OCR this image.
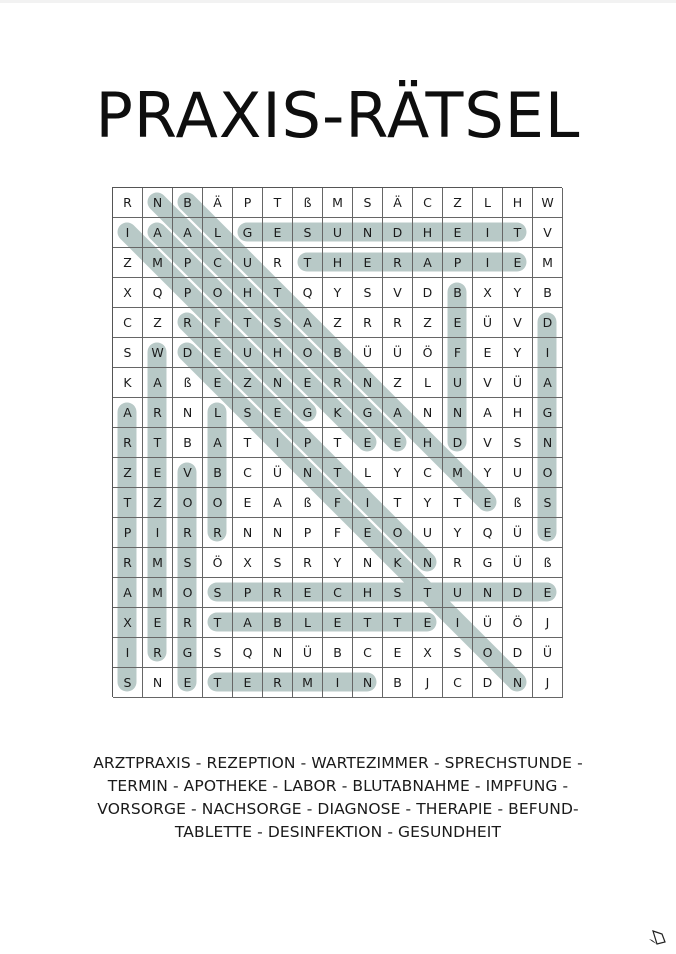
PRAXIS-RÄTSEL
R	N	B	Ä	P	T	ß	M	S	Ä	C	Z	L	H	W
I	A	A	L	G	E	S	U	N	D	H	E	I	T	V
Z	M	P	C	U	R	T	H	E	R	A	P	I	E	M
X	Q	P	O	H	T	Q	Y	S	V	D	B	X	Y	B
C	Z	R	F	T	S	A	Z	R	R	Z	E	Ü	V	D
S	W	D	E	U	H	O	B	Ü	Ü	Ö	F	E	Y	I
K	A	ß	E	Z	N	E	R	N	Z	L	U	V	Ü	A
A	R	N	L	S	E	G	K	G	A	N	N	A	H	G
R	T	B	A	T	I	P	T	E	E	H	D	V	S	N
Z	E	V	B	C	Ü	N	T	L	Y	C	M	Y	U	O
T	Z	O	O	E	A	ß	F	I	T	Y	T	E	ß	S
P	I	R	R	N	N	P	F	E	O	U	Y	Q	Ü	E
R	M	S	Ö	X	S	R	Y	N	K	N	R	G	Ü	ß
A	M	O	S	P	R	E	C	H	S	T	U	N	D	E
X	E	R	T	A	B	L	E	T	T	E	I	Ü	Ö	J
I	R	G	S	Q	N	Ü	B	C	E	X	S	O	D	Ü
S	N	E	T	E	R	M	I	N	B	J	C	D	N	J
ARZTPRAXIS - REZEPTION - WARTEZIMMER - SPRECHSTUNDE -
TERMIN - APOTHEKE - LABOR - BLUTABNAHME - IMPFUNG -
VORSORGE - NACHSORGE - DIAGNOSE - THERAPIE - BEFUND-
TABLETTE - DESINFEKTION - GESUNDHEIT
